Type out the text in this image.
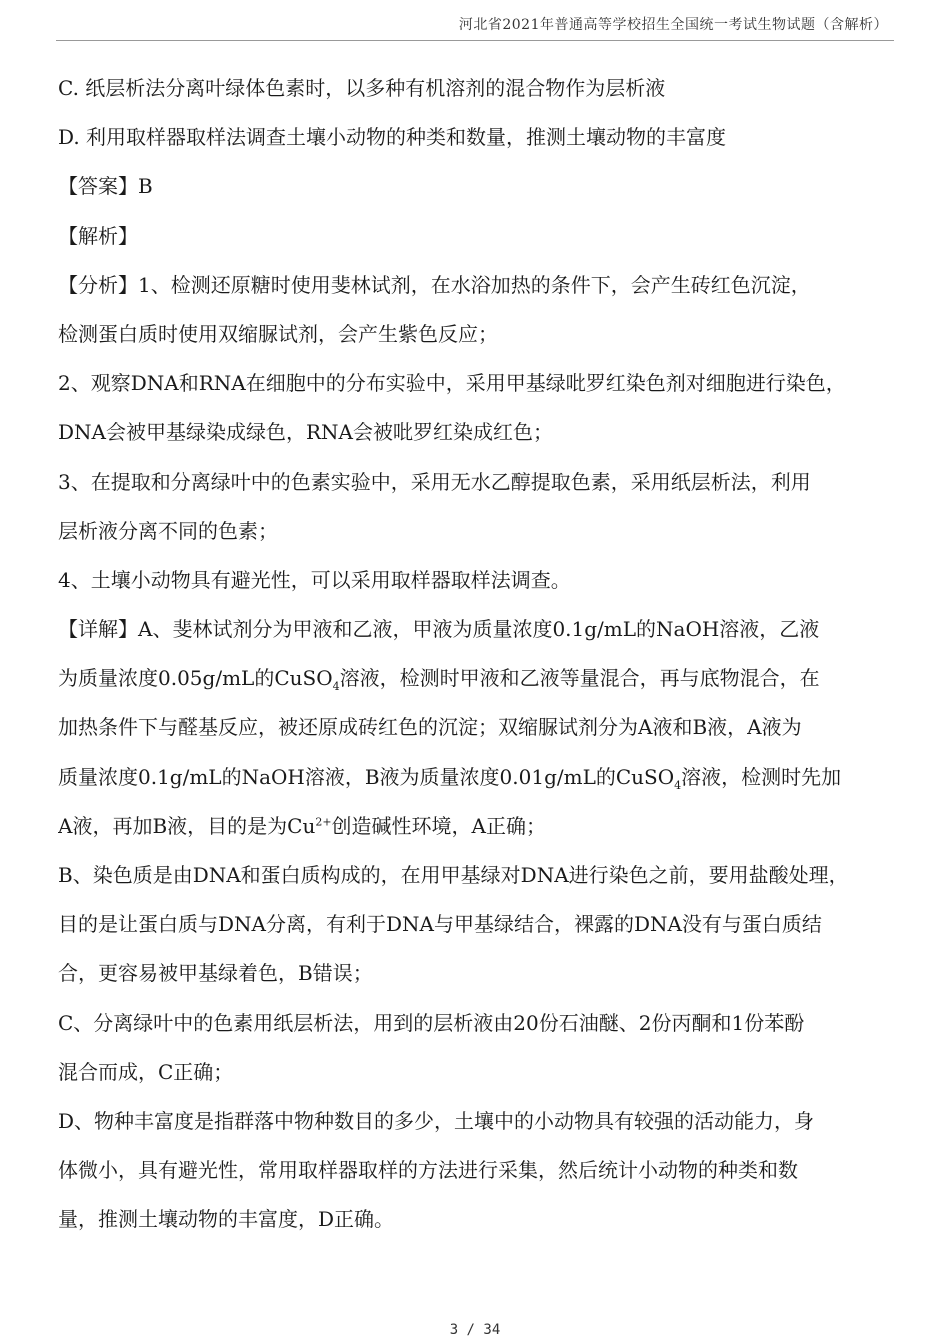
河北省2021年普通高等学校招生全国统一考试生物试题（含解析）
C. 纸层析法分离叶绿体色素时，以多种有机溶剂的混合物作为层析液
D. 利用取样器取样法调查土壤小动物的种类和数量，推测土壤动物的丰富度
【答案】B
【解析】
【分析】1、检测还原糖时使用斐林试剂，在水浴加热的条件下，会产生砖红色沉淀，
检测蛋白质时使用双缩脲试剂，会产生紫色反应；
2、观察DNA和RNA在细胞中的分布实验中，采用甲基绿吡罗红染色剂对细胞进行染色，
DNA会被甲基绿染成绿色，RNA会被吡罗红染成红色；
3、在提取和分离绿叶中的色素实验中，采用无水乙醇提取色素，采用纸层析法，利用
层析液分离不同的色素；
4、土壤小动物具有避光性，可以采用取样器取样法调查。
【详解】A、斐林试剂分为甲液和乙液，甲液为质量浓度0.1g/mL的NaOH溶液，乙液
为质量浓度0.05g/mL的CuSO$_4$溶液，检测时甲液和乙液等量混合，再与底物混合，在
加热条件下与醛基反应，被还原成砖红色的沉淀；双缩脲试剂分为A液和B液，A液为
质量浓度0.1g/mL的NaOH溶液，B液为质量浓度0.01g/mL的CuSO$_4$溶液，检测时先加
A液，再加B液，目的是为$Cu^{2+}$创造碱性环境，A正确；
B、染色质是由DNA和蛋白质构成的，在用甲基绿对DNA进行染色之前，要用盐酸处理，
目的是让蛋白质与DNA分离，有利于DNA与甲基绿结合，裸露的DNA没有与蛋白质结
合，更容易被甲基绿着色，B错误；
C、分离绿叶中的色素用纸层析法，用到的层析液由20份石油醚、2份丙酮和1份苯酚
混合而成，C正确；
D、物种丰富度是指群落中物种数目的多少，土壤中的小动物具有较强的活动能力，身
体微小，具有避光性，常用取样器取样的方法进行采集，然后统计小动物的种类和数
量，推测土壤动物的丰富度，D正确。
3 / 34
